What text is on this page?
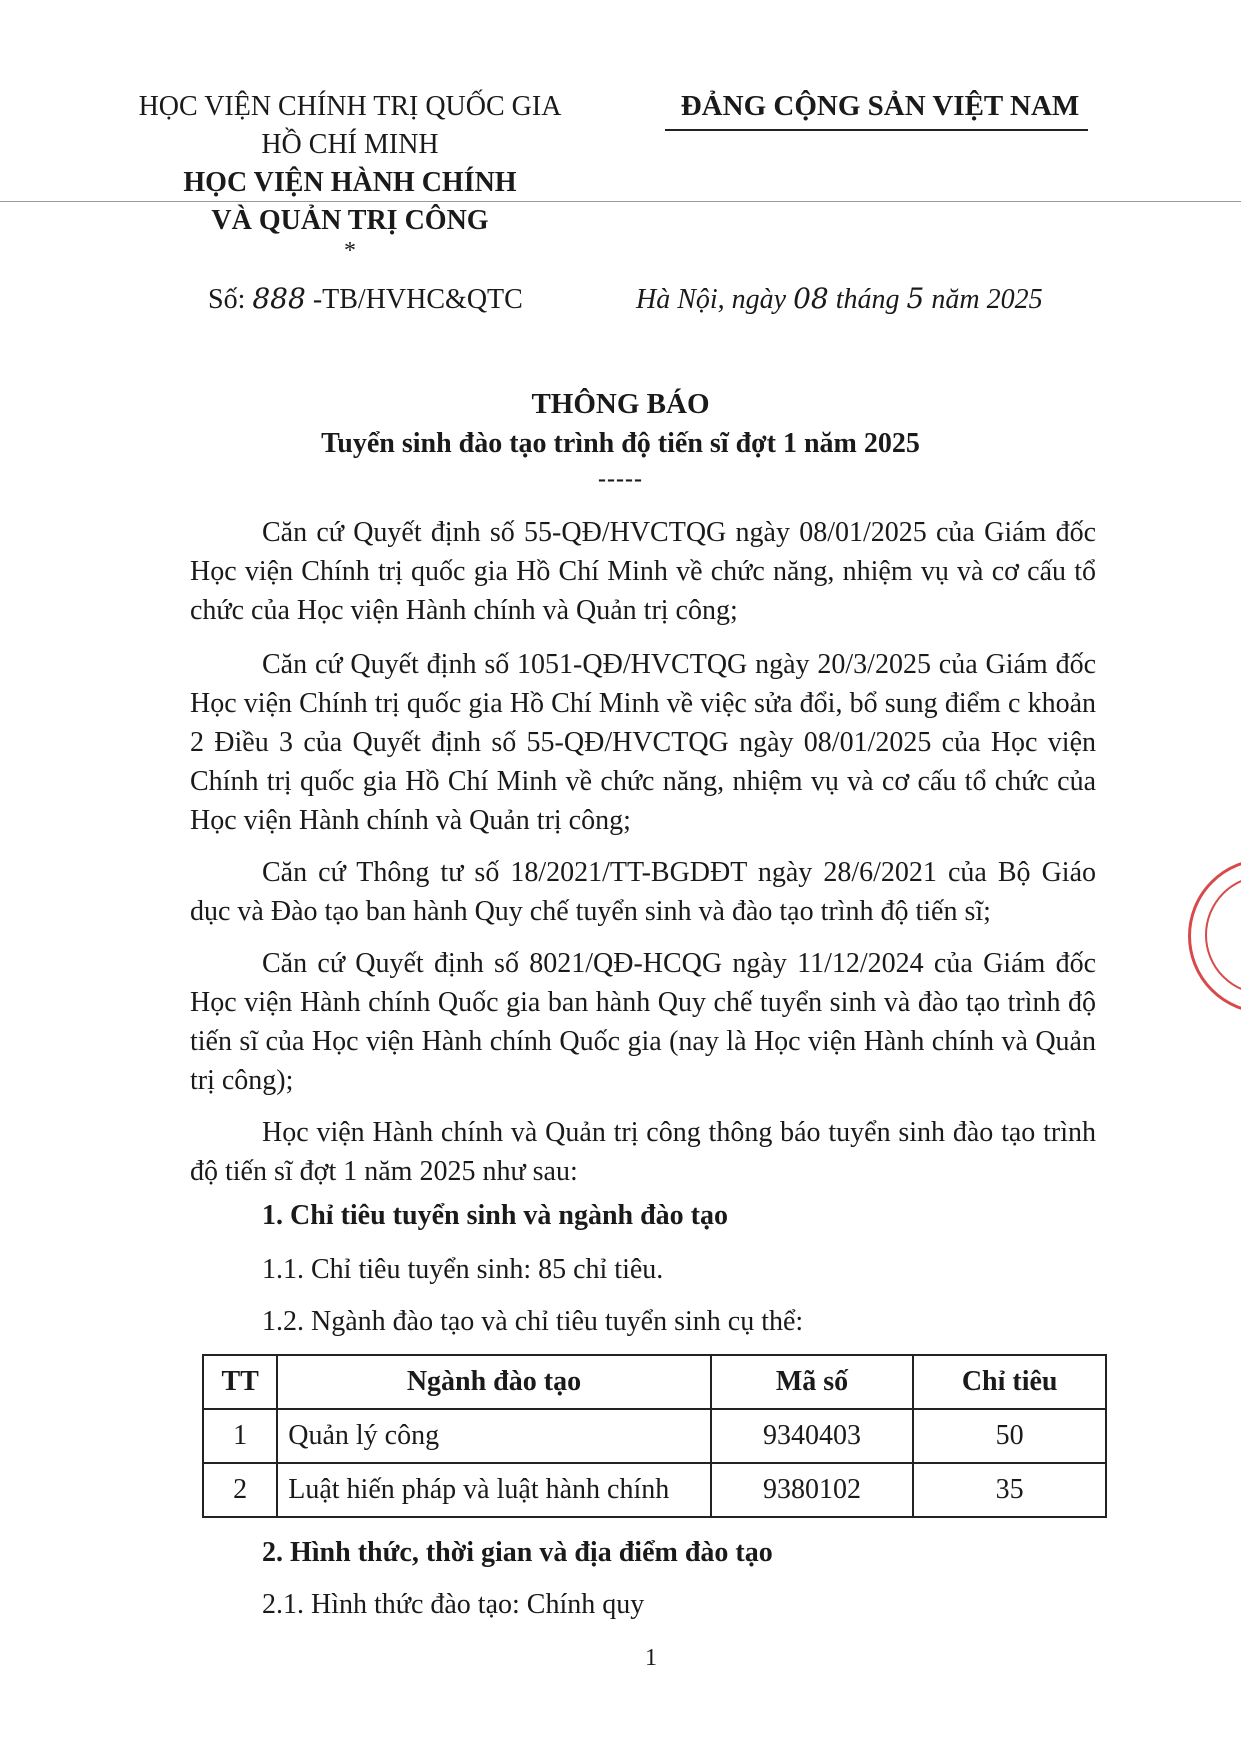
HỌC VIỆN CHÍNH TRỊ QUỐC GIA
HỒ CHÍ MINH
HỌC VIỆN HÀNH CHÍNH
VÀ QUẢN TRỊ CÔNG
*
ĐẢNG CỘNG SẢN VIỆT NAM
Số: 888 -TB/HVHC&QTC	Hà Nội, ngày 08 tháng 5 năm 2025
THÔNG BÁO
Tuyển sinh đào tạo trình độ tiến sĩ đợt 1 năm 2025
-----

Căn cứ Quyết định số 55-QĐ/HVCTQG ngày 08/01/2025 của Giám đốc Học viện Chính trị quốc gia Hồ Chí Minh về chức năng, nhiệm vụ và cơ cấu tổ chức của Học viện Hành chính và Quản trị công;

Căn cứ Quyết định số 1051-QĐ/HVCTQG ngày 20/3/2025 của Giám đốc Học viện Chính trị quốc gia Hồ Chí Minh về việc sửa đổi, bổ sung điểm c khoản 2 Điều 3 của Quyết định số 55-QĐ/HVCTQG ngày 08/01/2025 của Học viện Chính trị quốc gia Hồ Chí Minh về chức năng, nhiệm vụ và cơ cấu tổ chức của Học viện Hành chính và Quản trị công;

Căn cứ Thông tư số 18/2021/TT-BGDĐT ngày 28/6/2021 của Bộ Giáo dục và Đào tạo ban hành Quy chế tuyển sinh và đào tạo trình độ tiến sĩ;

Căn cứ Quyết định số 8021/QĐ-HCQG ngày 11/12/2024 của Giám đốc Học viện Hành chính Quốc gia ban hành Quy chế tuyển sinh và đào tạo trình độ tiến sĩ của Học viện Hành chính Quốc gia (nay là Học viện Hành chính và Quản trị công);

Học viện Hành chính và Quản trị công thông báo tuyển sinh đào tạo trình độ tiến sĩ đợt 1 năm 2025 như sau:

1. Chỉ tiêu tuyển sinh và ngành đào tạo
1.1. Chỉ tiêu tuyển sinh: 85 chỉ tiêu.
1.2. Ngành đào tạo và chỉ tiêu tuyển sinh cụ thể:
TT	Ngành đào tạo	Mã số	Chỉ tiêu
1	Quản lý công	9340403	50
2	Luật hiến pháp và luật hành chính	9380102	35
2. Hình thức, thời gian và địa điểm đào tạo
2.1. Hình thức đào tạo: Chính quy
1
